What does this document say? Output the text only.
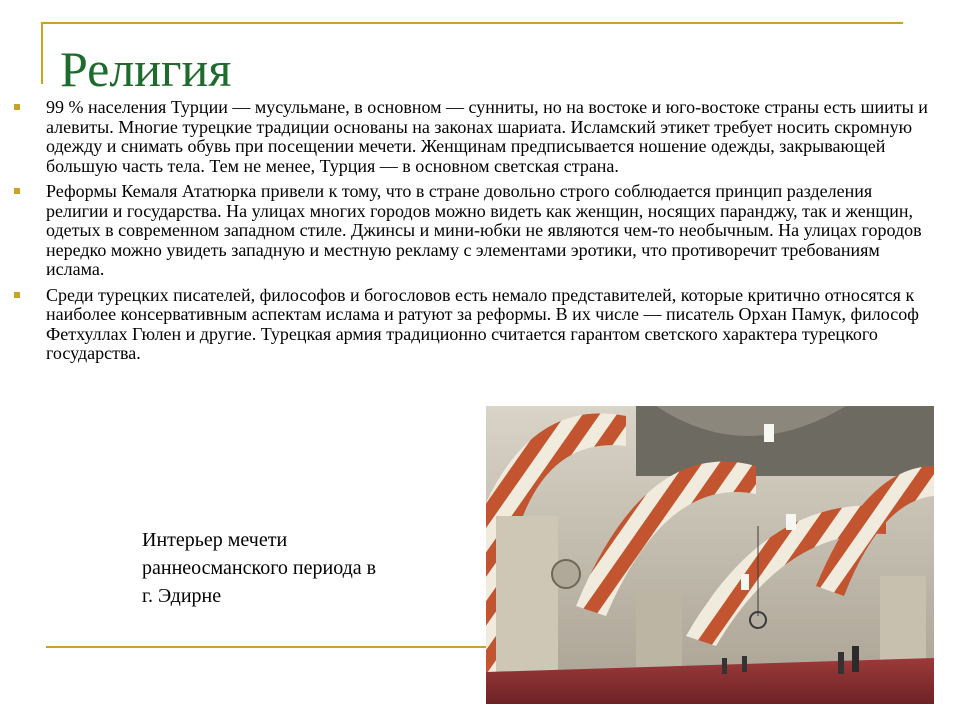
Религия
99 % населения Турции — мусульмане, в основном — сунниты, но на востоке и юго-востоке страны есть шииты и алевиты. Многие турецкие традиции основаны на законах шариата. Исламский этикет требует носить скромную одежду и снимать обувь при посещении мечети. Женщинам предписывается ношение одежды, закрывающей большую часть тела. Тем не менее, Турция — в основном светская страна.
Реформы Кемаля Ататюрка привели к тому, что в стране довольно строго соблюдается принцип разделения религии и государства. На улицах многих городов можно видеть как женщин, носящих паранджу, так и женщин, одетых в современном западном стиле. Джинсы и мини-юбки не являются чем-то необычным. На улицах городов нередко можно увидеть западную и местную рекламу с элементами эротики, что противоречит требованиям ислама.
Среди турецких писателей, философов и богословов есть немало представителей, которые критично относятся к наиболее консервативным аспектам ислама и ратуют за реформы. В их числе — писатель Орхан Памук, философ Фетхуллах Гюлен и другие. Турецкая армия традиционно считается гарантом светского характера турецкого государства.
Интерьер мечети
раннеосманского периода в
г. Эдирне
